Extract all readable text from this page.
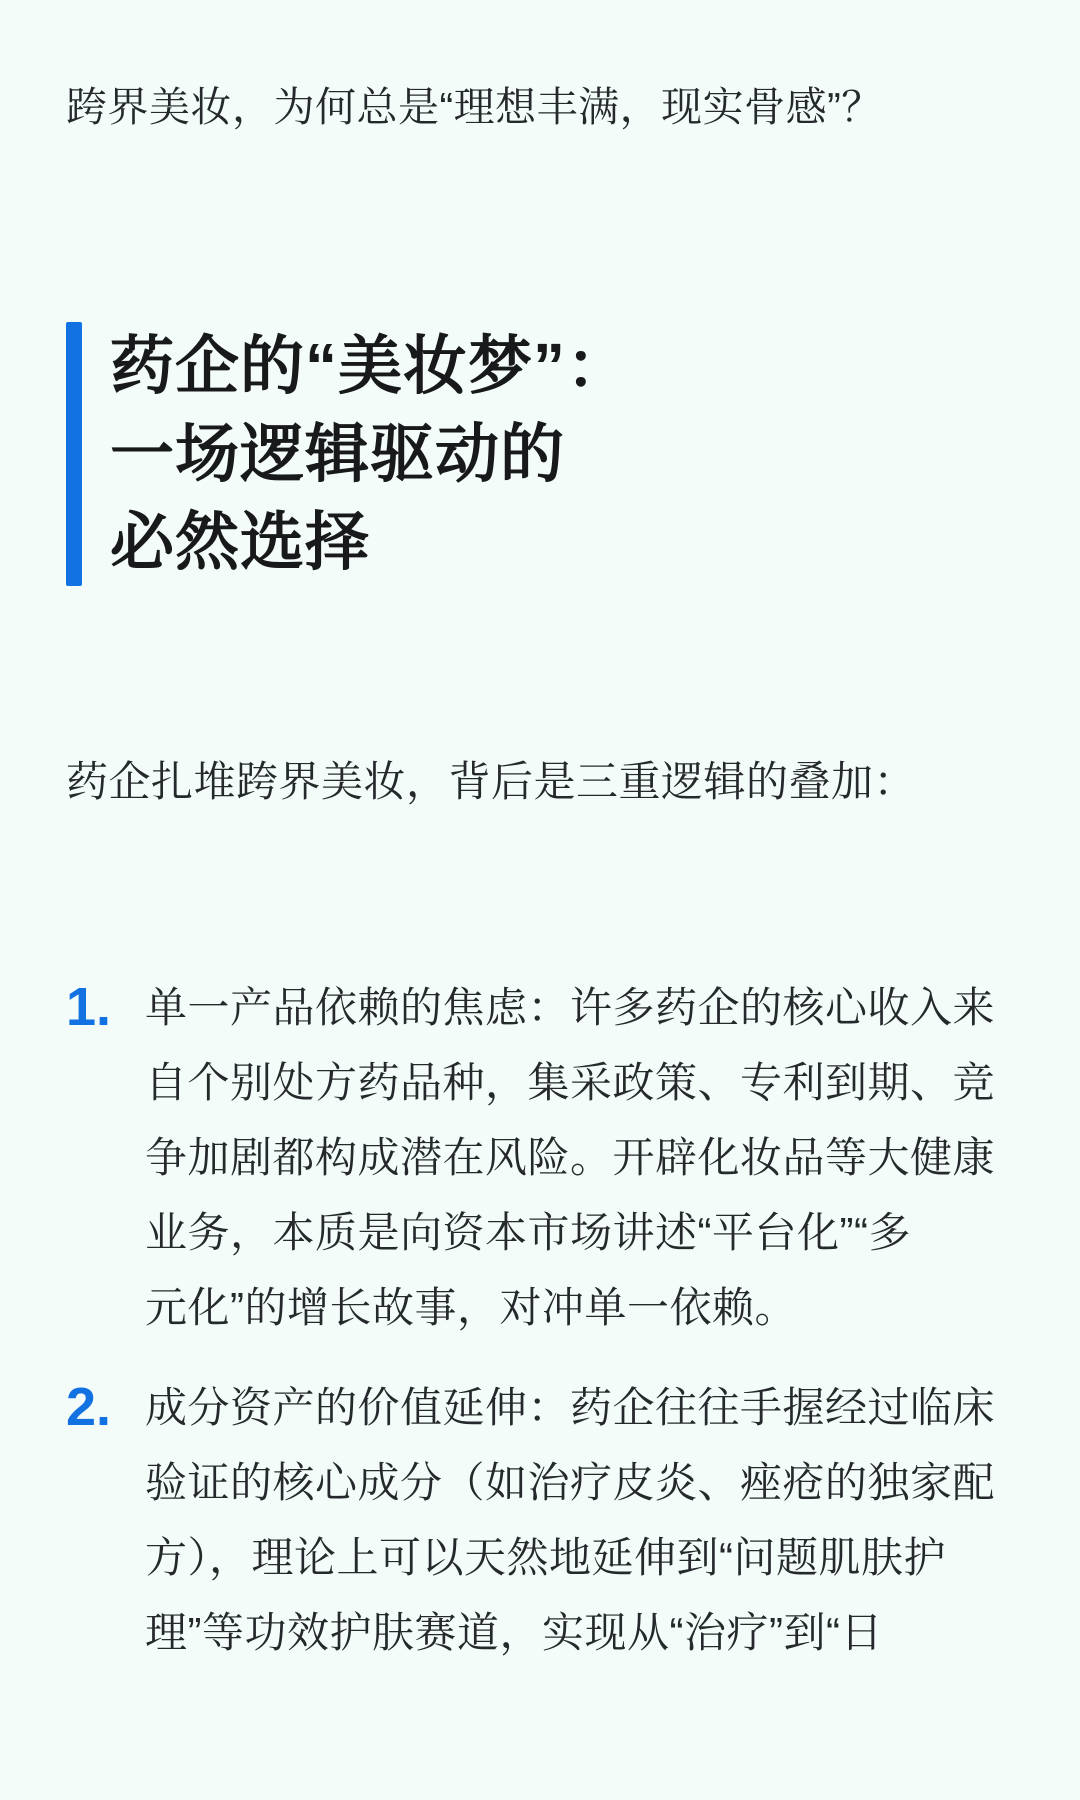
跨界美妆，为何总是“理想丰满，现实骨感”？
药企的“美妆梦”：
一场逻辑驱动的
必然选择

药企扎堆跨界美妆，背后是三重逻辑的叠加：

1. 单一产品依赖的焦虑：许多药企的核心收入来
自个别处方药品种，集采政策、专利到期、竞
争加剧都构成潜在风险。开辟化妆品等大健康
业务，本质是向资本市场讲述“平台化”“多
元化”的增长故事，对冲单一依赖。
2. 成分资产的价值延伸：药企往往手握经过临床
验证的核心成分（如治疗皮炎、痤疮的独家配
方），理论上可以天然地延伸到“问题肌肤护
理”等功效护肤赛道，实现从“治疗”到“日
